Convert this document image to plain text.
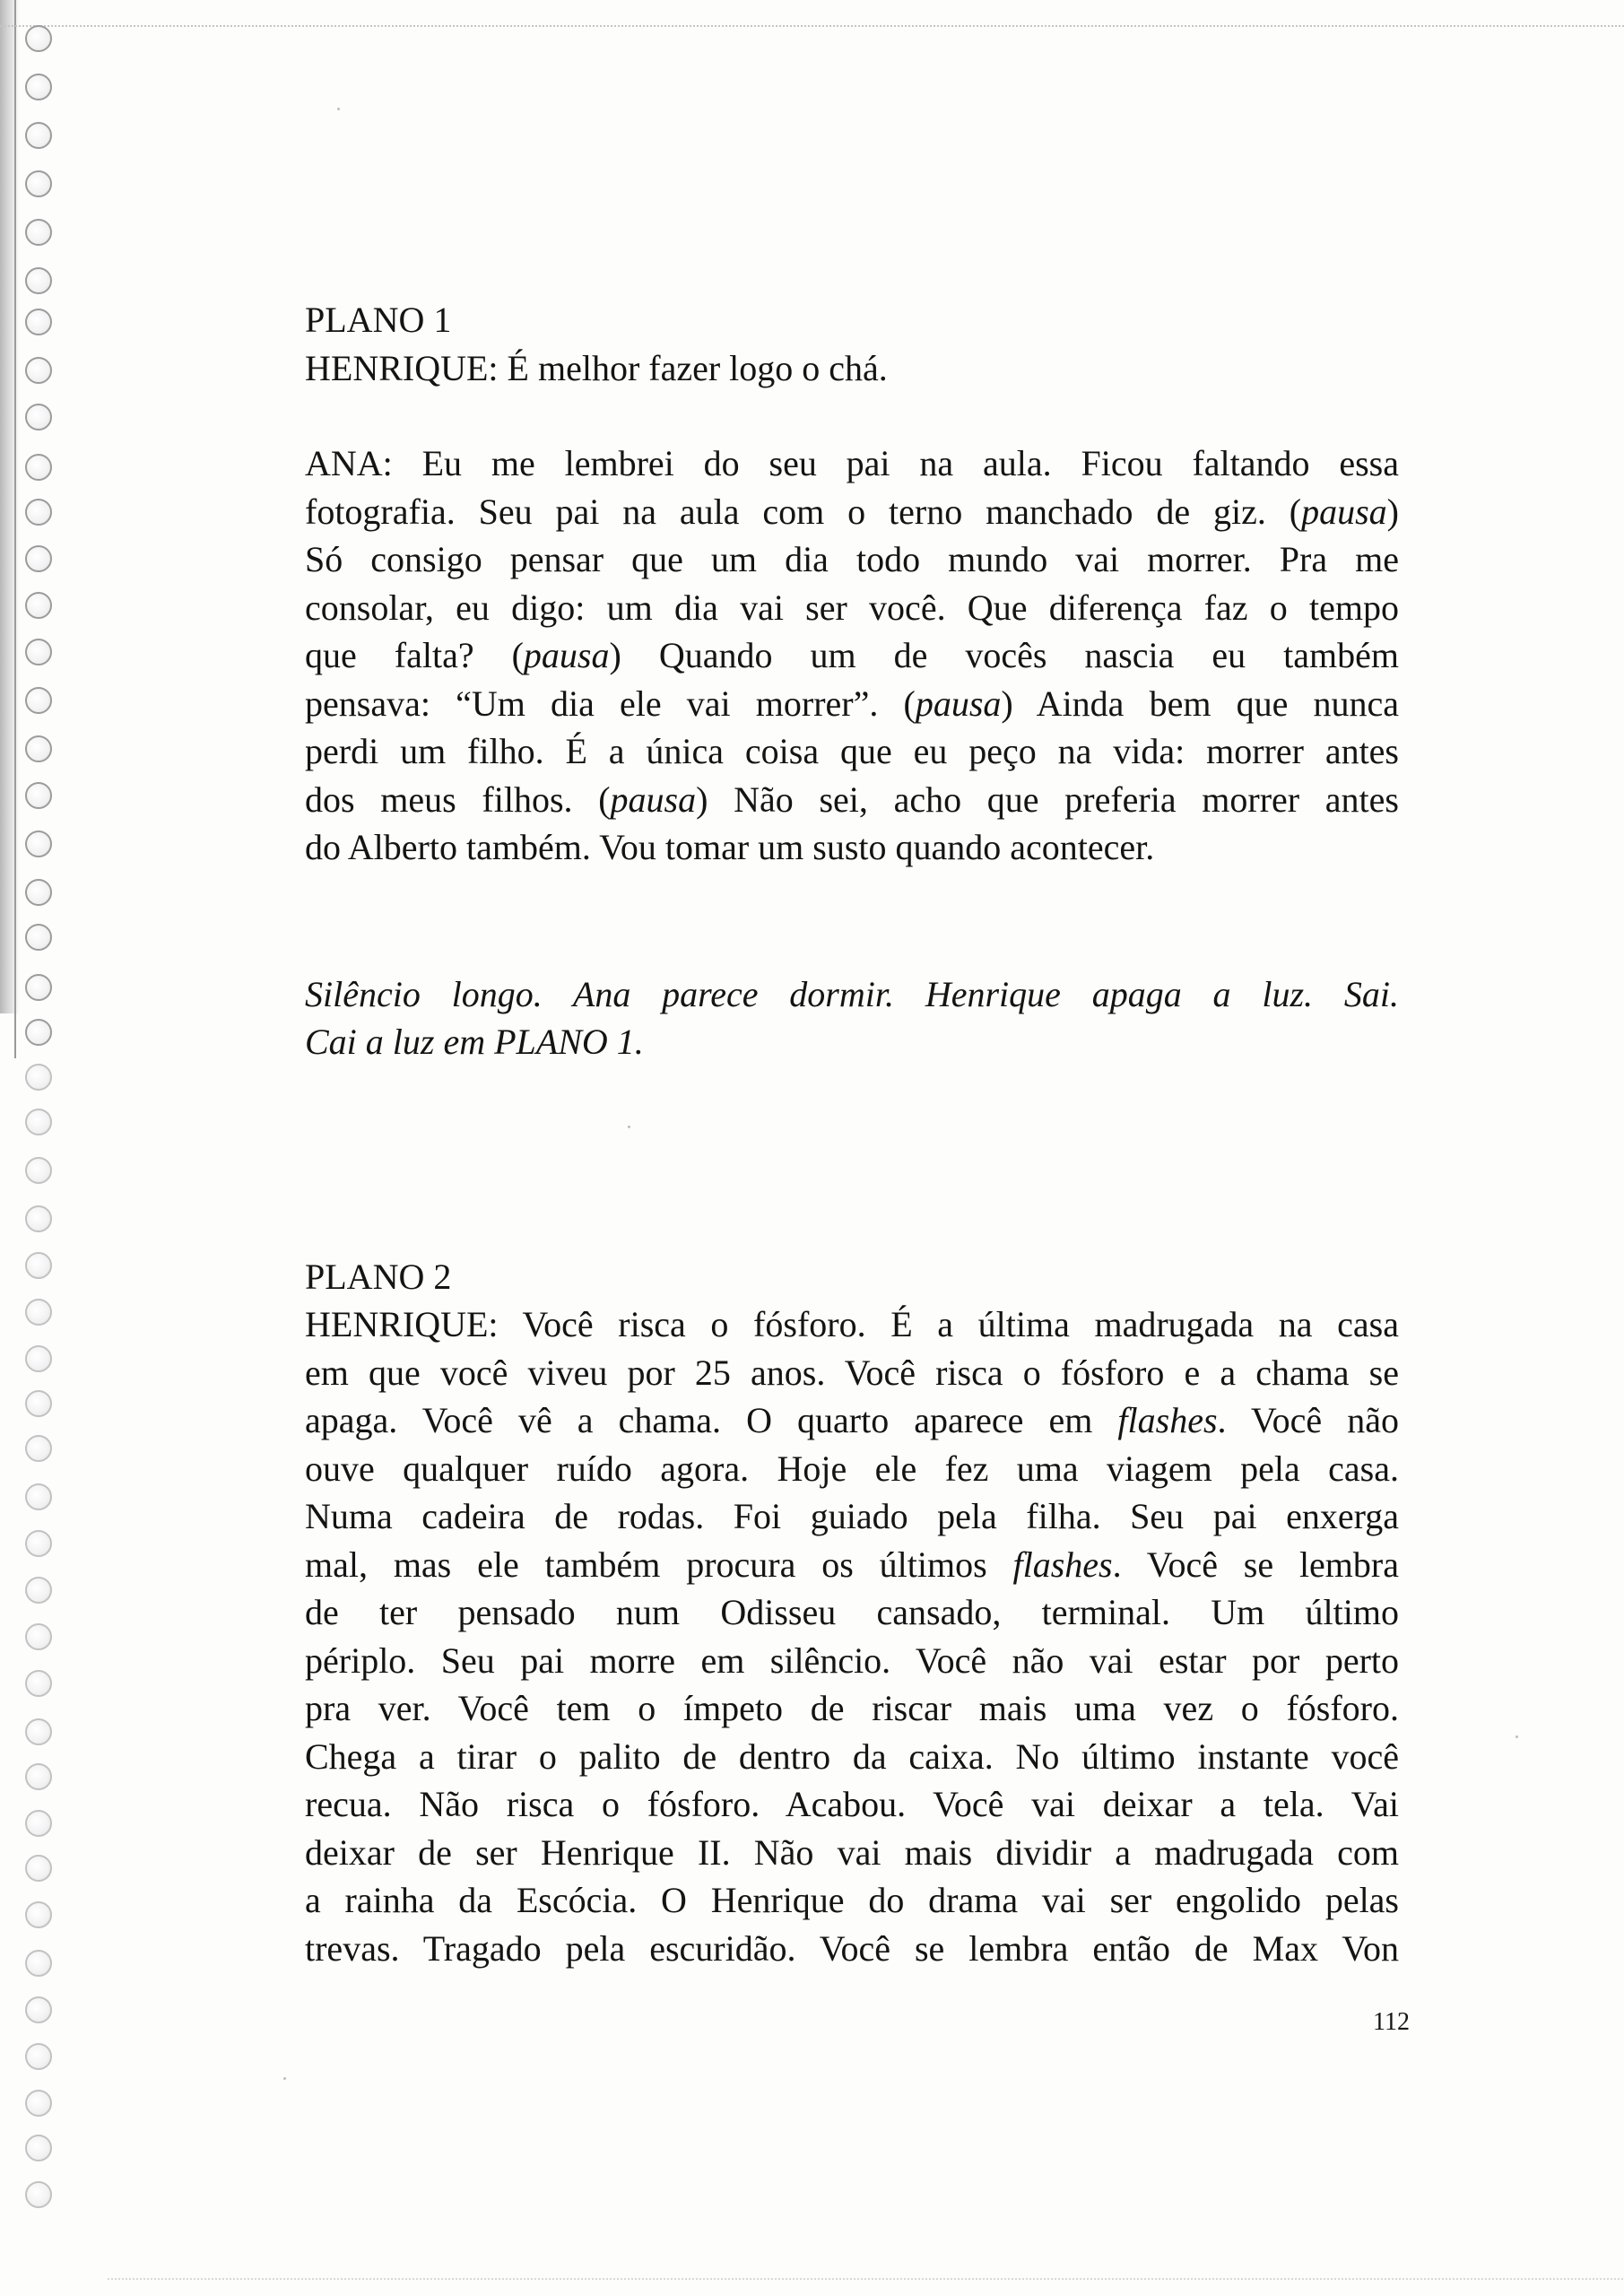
PLANO 1

HENRIQUE: É melhor fazer logo o chá.

ANA: Eu me lembrei do seu pai na aula. Ficou faltando essa

fotografia. Seu pai na aula com o terno manchado de giz. (pausa)

Só consigo pensar que um dia todo mundo vai morrer. Pra me

consolar, eu digo: um dia vai ser você. Que diferença faz o tempo

que falta? (pausa) Quando um de vocês nascia eu também

pensava: “Um dia ele vai morrer”. (pausa) Ainda bem que nunca

perdi um filho. É a única coisa que eu peço na vida: morrer antes

dos meus filhos. (pausa) Não sei, acho que preferia morrer antes

do Alberto também. Vou tomar um susto quando acontecer.

Silêncio longo. Ana parece dormir. Henrique apaga a luz. Sai.

Cai a luz em PLANO 1.

PLANO 2

HENRIQUE: Você risca o fósforo. É a última madrugada na casa

em que você viveu por 25 anos. Você risca o fósforo e a chama se

apaga. Você vê a chama. O quarto aparece em flashes. Você não

ouve qualquer ruído agora. Hoje ele fez uma viagem pela casa.

Numa cadeira de rodas. Foi guiado pela filha. Seu pai enxerga

mal, mas ele também procura os últimos flashes. Você se lembra

de ter pensado num Odisseu cansado, terminal. Um último

périplo. Seu pai morre em silêncio. Você não vai estar por perto

pra ver. Você tem o ímpeto de riscar mais uma vez o fósforo.

Chega a tirar o palito de dentro da caixa. No último instante você

recua. Não risca o fósforo. Acabou. Você vai deixar a tela. Vai

deixar de ser Henrique II. Não vai mais dividir a madrugada com

a rainha da Escócia. O Henrique do drama vai ser engolido pelas

trevas. Tragado pela escuridão. Você se lembra então de Max Von

112
